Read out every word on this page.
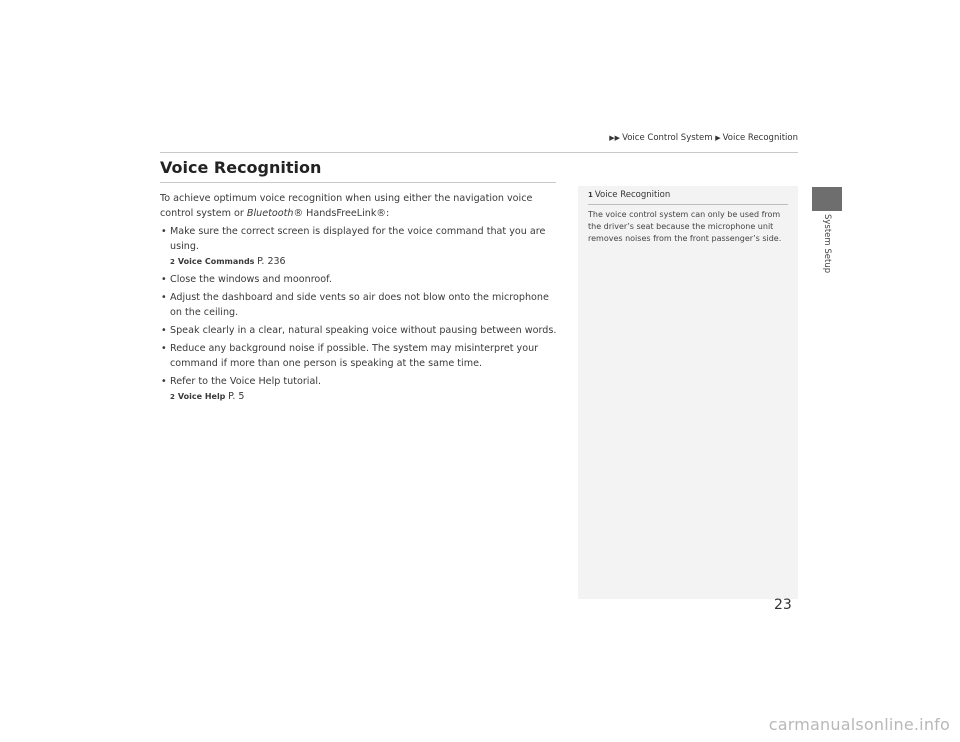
▶▶ Voice Control System ▶ Voice Recognition
System Setup
Voice Recognition

To achieve optimum voice recognition when using either the navigation voice control system or Bluetooth® HandsFreeLink®:

• Make sure the correct screen is displayed for the voice command that you are using.
2 Voice Commands P. 236
• Close the windows and moonroof.
• Adjust the dashboard and side vents so air does not blow onto the microphone on the ceiling.
• Speak clearly in a clear, natural speaking voice without pausing between words.
• Reduce any background noise if possible. The system may misinterpret your command if more than one person is speaking at the same time.
• Refer to the Voice Help tutorial.
2 Voice Help P. 5
1 Voice Recognition
The voice control system can only be used from the driver’s seat because the microphone unit removes noises from the front passenger’s side.
23
carmanualsonline.info
